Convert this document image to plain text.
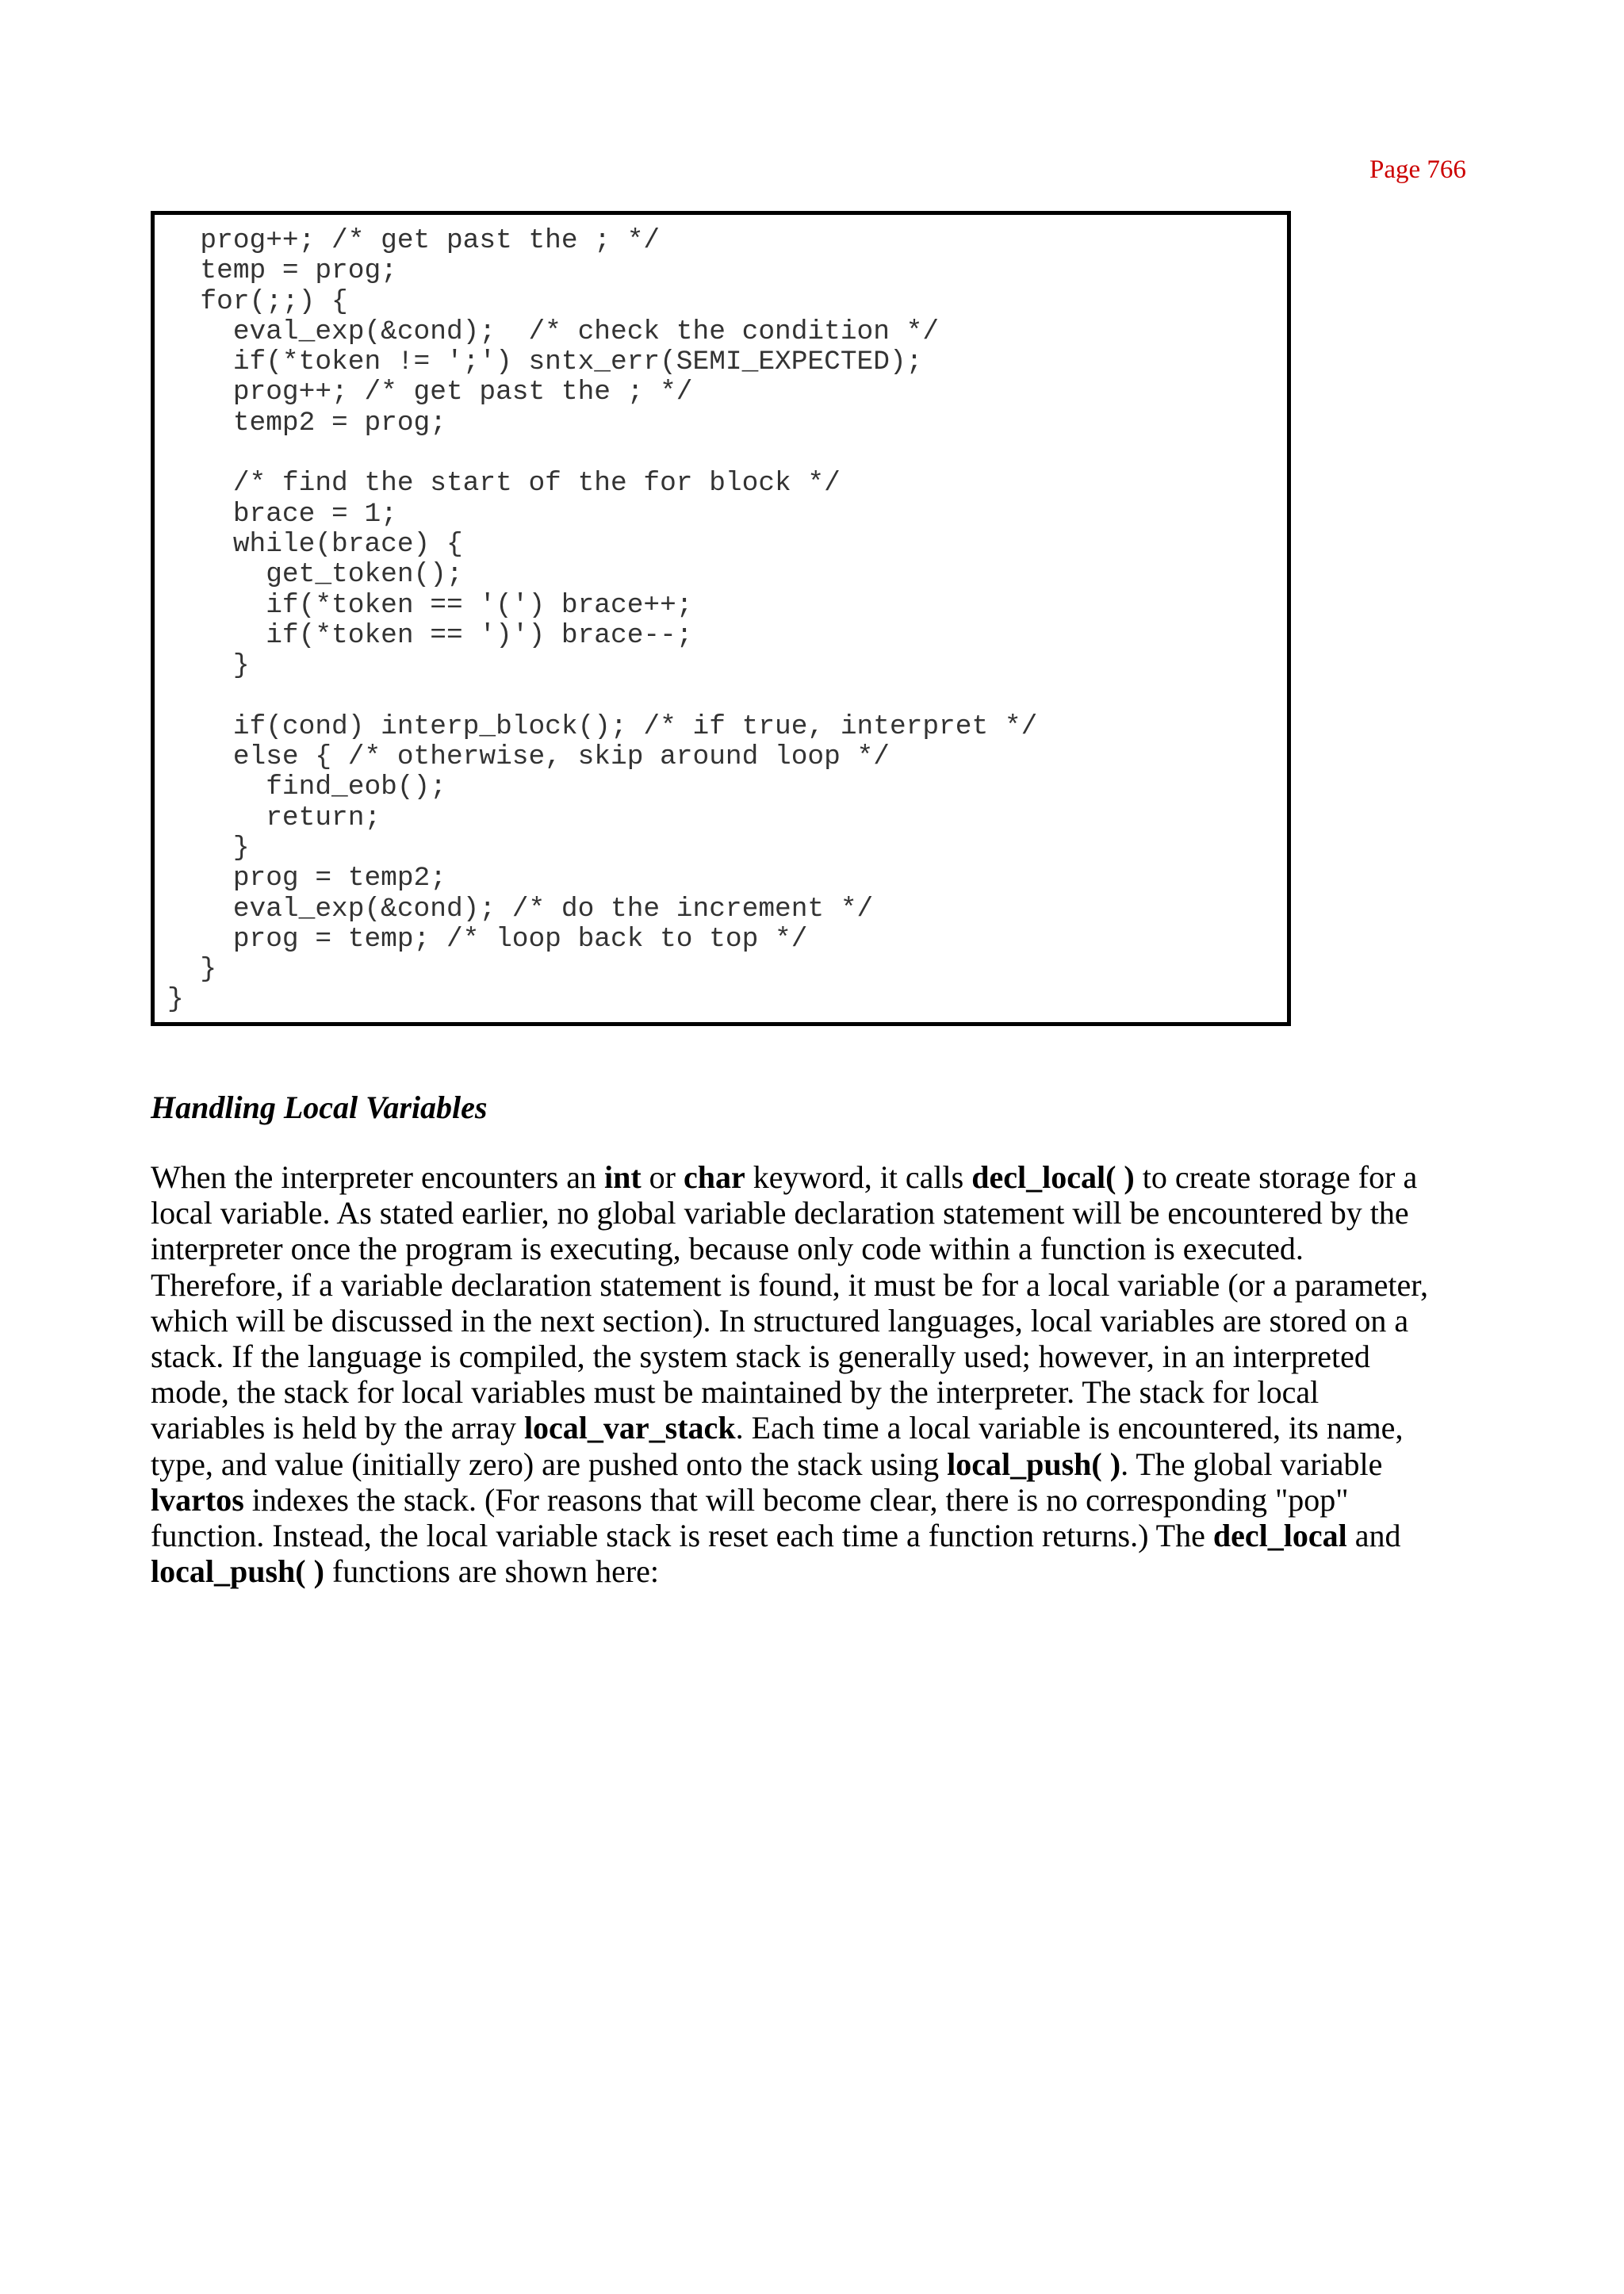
Page 766
prog++; /* get past the ; */
temp = prog;
for(;;) {
eval_exp(&cond);  /* check the condition */
if(*token != ';') sntx_err(SEMI_EXPECTED);
prog++; /* get past the ; */
temp2 = prog;
/* find the start of the for block */
brace = 1;
while(brace) {
get_token();
if(*token == '(') brace++;
if(*token == ')') brace--;
}
if(cond) interp_block(); /* if true, interpret */
else { /* otherwise, skip around loop */
find_eob();
return;
}
prog = temp2;
eval_exp(&cond); /* do the increment */
prog = temp; /* loop back to top */
}
}
Handling Local Variables
When the interpreter encounters an int or char keyword, it calls decl_local( ) to create storage for a
local variable. As stated earlier, no global variable declaration statement will be encountered by the
interpreter once the program is executing, because only code within a function is executed.
Therefore, if a variable declaration statement is found, it must be for a local variable (or a parameter,
which will be discussed in the next section). In structured languages, local variables are stored on a
stack. If the language is compiled, the system stack is generally used; however, in an interpreted
mode, the stack for local variables must be maintained by the interpreter. The stack for local
variables is held by the array local_var_stack. Each time a local variable is encountered, its name,
type, and value (initially zero) are pushed onto the stack using local_push( ). The global variable
lvartos indexes the stack. (For reasons that will become clear, there is no corresponding "pop"
function. Instead, the local variable stack is reset each time a function returns.) The decl_local and
local_push( ) functions are shown here:
